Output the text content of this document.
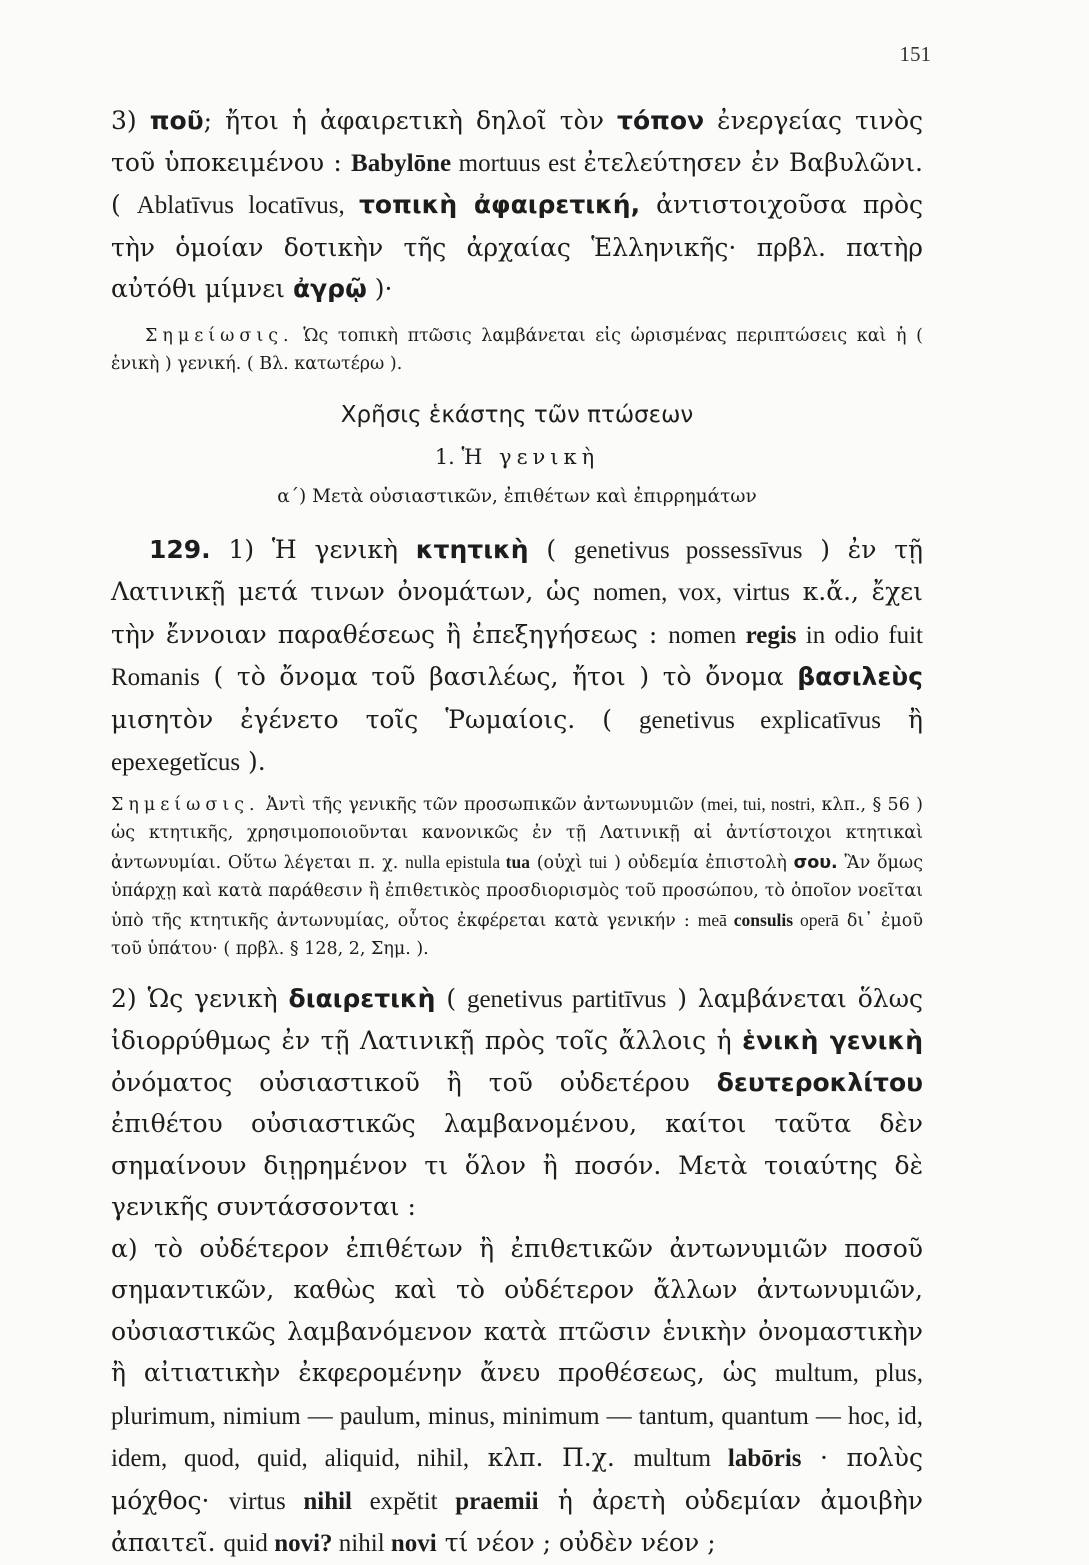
151

3) ποῦ; ἤτοι ἡ ἀφαιρετικὴ δηλοῖ τὸν τόπον ἐνεργείας τινὸς τοῦ ὑποκειμένου : Babylōne mortuus est ἐτελεύτησεν ἐν Βαβυλῶνι. ( Ablatīvus locatīvus, τοπικὴ ἀφαιρετική, ἀντιστοιχοῦσα πρὸς τὴν ὁμοίαν δοτικὴν τῆς ἀρχαίας Ἑλληνικῆς· πρβλ. πατὴρ αὐτόθι μίμνει ἀγρῷ )·

Σημείωσις. Ὡς τοπικὴ πτῶσις λαμβάνεται εἰς ὡρισμένας περιπτώσεις καὶ ἡ ( ἑνικὴ ) γενική. ( Βλ. κατωτέρω ).

Χρῆσις ἑκάστης τῶν πτώσεων

1. Ἡ γενικὴ

α΄) Μετὰ οὐσιαστικῶν, ἐπιθέτων καὶ ἐπιρρημάτων

129. 1) Ἡ γενικὴ κτητικὴ ( genetivus possessīvus ) ἐν τῇ Λατινικῇ μετά τινων ὀνομάτων, ὡς nomen, vox, virtus κ.ἄ., ἔχει τὴν ἔννοιαν παραθέσεως ἢ ἐπεξηγήσεως : nomen regis in odio fuit Romanis ( τὸ ὄνομα τοῦ βασιλέως, ἤτοι ) τὸ ὄνομα βασιλεὺς μισητὸν ἐγένετο τοῖς Ῥωμαίοις. ( genetivus explicatīvus ἢ epexegetĭcus ).

Σημείωσις. Ἀντὶ τῆς γενικῆς τῶν προσωπικῶν ἀντωνυμιῶν (mei, tui, nostri, κλπ., § 56 ) ὡς κτητικῆς, χρησιμοποιοῦνται κανονικῶς ἐν τῇ Λατινικῇ αἱ ἀντίστοιχοι κτητικαὶ ἀντωνυμίαι. Οὕτω λέγεται π. χ. nulla epistula tua (οὐχὶ tui ) οὐδεμία ἐπιστολὴ σου. Ἂν ὅμως ὑπάρχῃ καὶ κατὰ παράθεσιν ἢ ἐπιθετικὸς προσδιορισμὸς τοῦ προσώπου, τὸ ὁποῖον νοεῖται ὑπὸ τῆς κτητικῆς ἀντωνυμίας, οὗτος ἐκφέρεται κατὰ γενικήν : meā consulis operā δι᾽ ἐμοῦ τοῦ ὑπάτου· ( πρβλ. § 128, 2, Σημ. ).

2) Ὡς γενικὴ διαιρετικὴ ( genetivus partitīvus ) λαμβάνεται ὅλως ἰδιορρύθμως ἐν τῇ Λατινικῇ πρὸς τοῖς ἄλλοις ἡ ἑνικὴ γενικὴ ὀνόματος οὐσιαστικοῦ ἢ τοῦ οὐδετέρου δευτεροκλίτου ἐπιθέτου οὐσιαστικῶς λαμβανομένου, καίτοι ταῦτα δὲν σημαίνουν διῃρημένον τι ὅλον ἢ ποσόν. Μετὰ τοιαύτης δὲ γενικῆς συντάσσονται :

α) τὸ οὐδέτερον ἐπιθέτων ἢ ἐπιθετικῶν ἀντωνυμιῶν ποσοῦ σημαντικῶν, καθὼς καὶ τὸ οὐδέτερον ἄλλων ἀντωνυμιῶν, οὐσιαστικῶς λαμβανόμενον κατὰ πτῶσιν ἑνικὴν ὀνομαστικὴν ἢ αἰτιατικὴν ἐκφερομένην ἄνευ προθέσεως, ὡς multum, plus, plurimum, nimium — paulum, minus, minimum — tantum, quantum — hoc, id, idem, quod, quid, aliquid, nihil, κλπ. Π.χ. multum labōris · πολὺς μόχθος· virtus nihil expĕtit praemii ἡ ἀρετὴ οὐδεμίαν ἀμοιβὴν ἀπαιτεῖ. quid novi? nihil novi τί νέον ; οὐδὲν νέον ;
